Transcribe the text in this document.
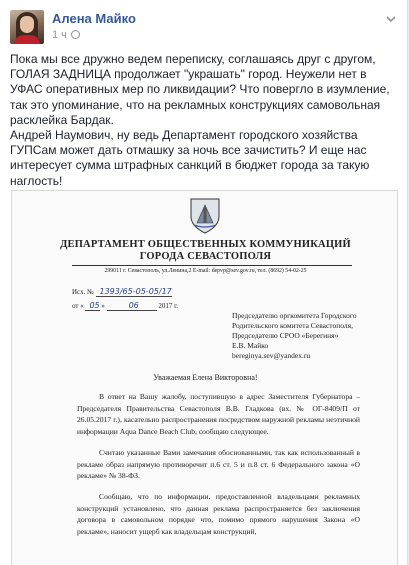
Алена Майко
1 ч

Пока мы все дружно ведем переписку, соглашаясь друг с другом, ГОЛАЯ ЗАДНИЦА продолжает "украшать" город. Неужели нет в УФАС оперативных мер по ликвидации? Что повергло в изумление, так это упоминание, что на рекламных конструкциях самовольная расклейка Бардак.

Андрей Наумович, ну ведь Департамент городского хозяйства ГУПСам может дать отмашку за ночь все зачистить? И еще нас интересует сумма штрафных санкций в бюджет города за такую наглость!

ДЕПАРТАМЕНТ ОБЩЕСТВЕННЫХ КОММУНИКАЦИЙ
ГОРОДА СЕВАСТОПОЛЯ
299011 г. Севастополь, ул.Ленина,2 E-mail: depvp@sev.gov.ru, тел. (8692) 54-02-25
Исх. № 1393/65-05-05/17
от « 05 »	06	2017 г.
Председателю оргкомитета Городского
Родительского комитета Севастополя,
Председателю СРОО «Берегиня»
Е.В. Майко
bereginya.sev@yandex.ru
Уважаемая Елена Викторовна!
В ответ на Вашу жалобу, поступившую в адрес Заместителя Губернатора – Председателя Правительства Севастополя В.В. Гладкова (вх. № ОГ-8409/П от 26.05.2017 г.), касательно распространения посредством наружной рекламы неэтичной информации Aqua Dance Beach Club, сообщаю следующее.
Считаю указанные Вами замечания обоснованными, так как использованный в рекламе образ напрямую противоречит п.6 ст. 5 и п.8 ст. 6 Федерального закона «О рекламе» № 38-ФЗ.
Сообщаю, что по информации, предоставленной владельцами рекламных конструкций установлено, что данная реклама распространяется без заключения договора в самовольном порядке что, помимо прямого нарушения Закона «О рекламе», наносит ущерб как владельцам конструкций,
